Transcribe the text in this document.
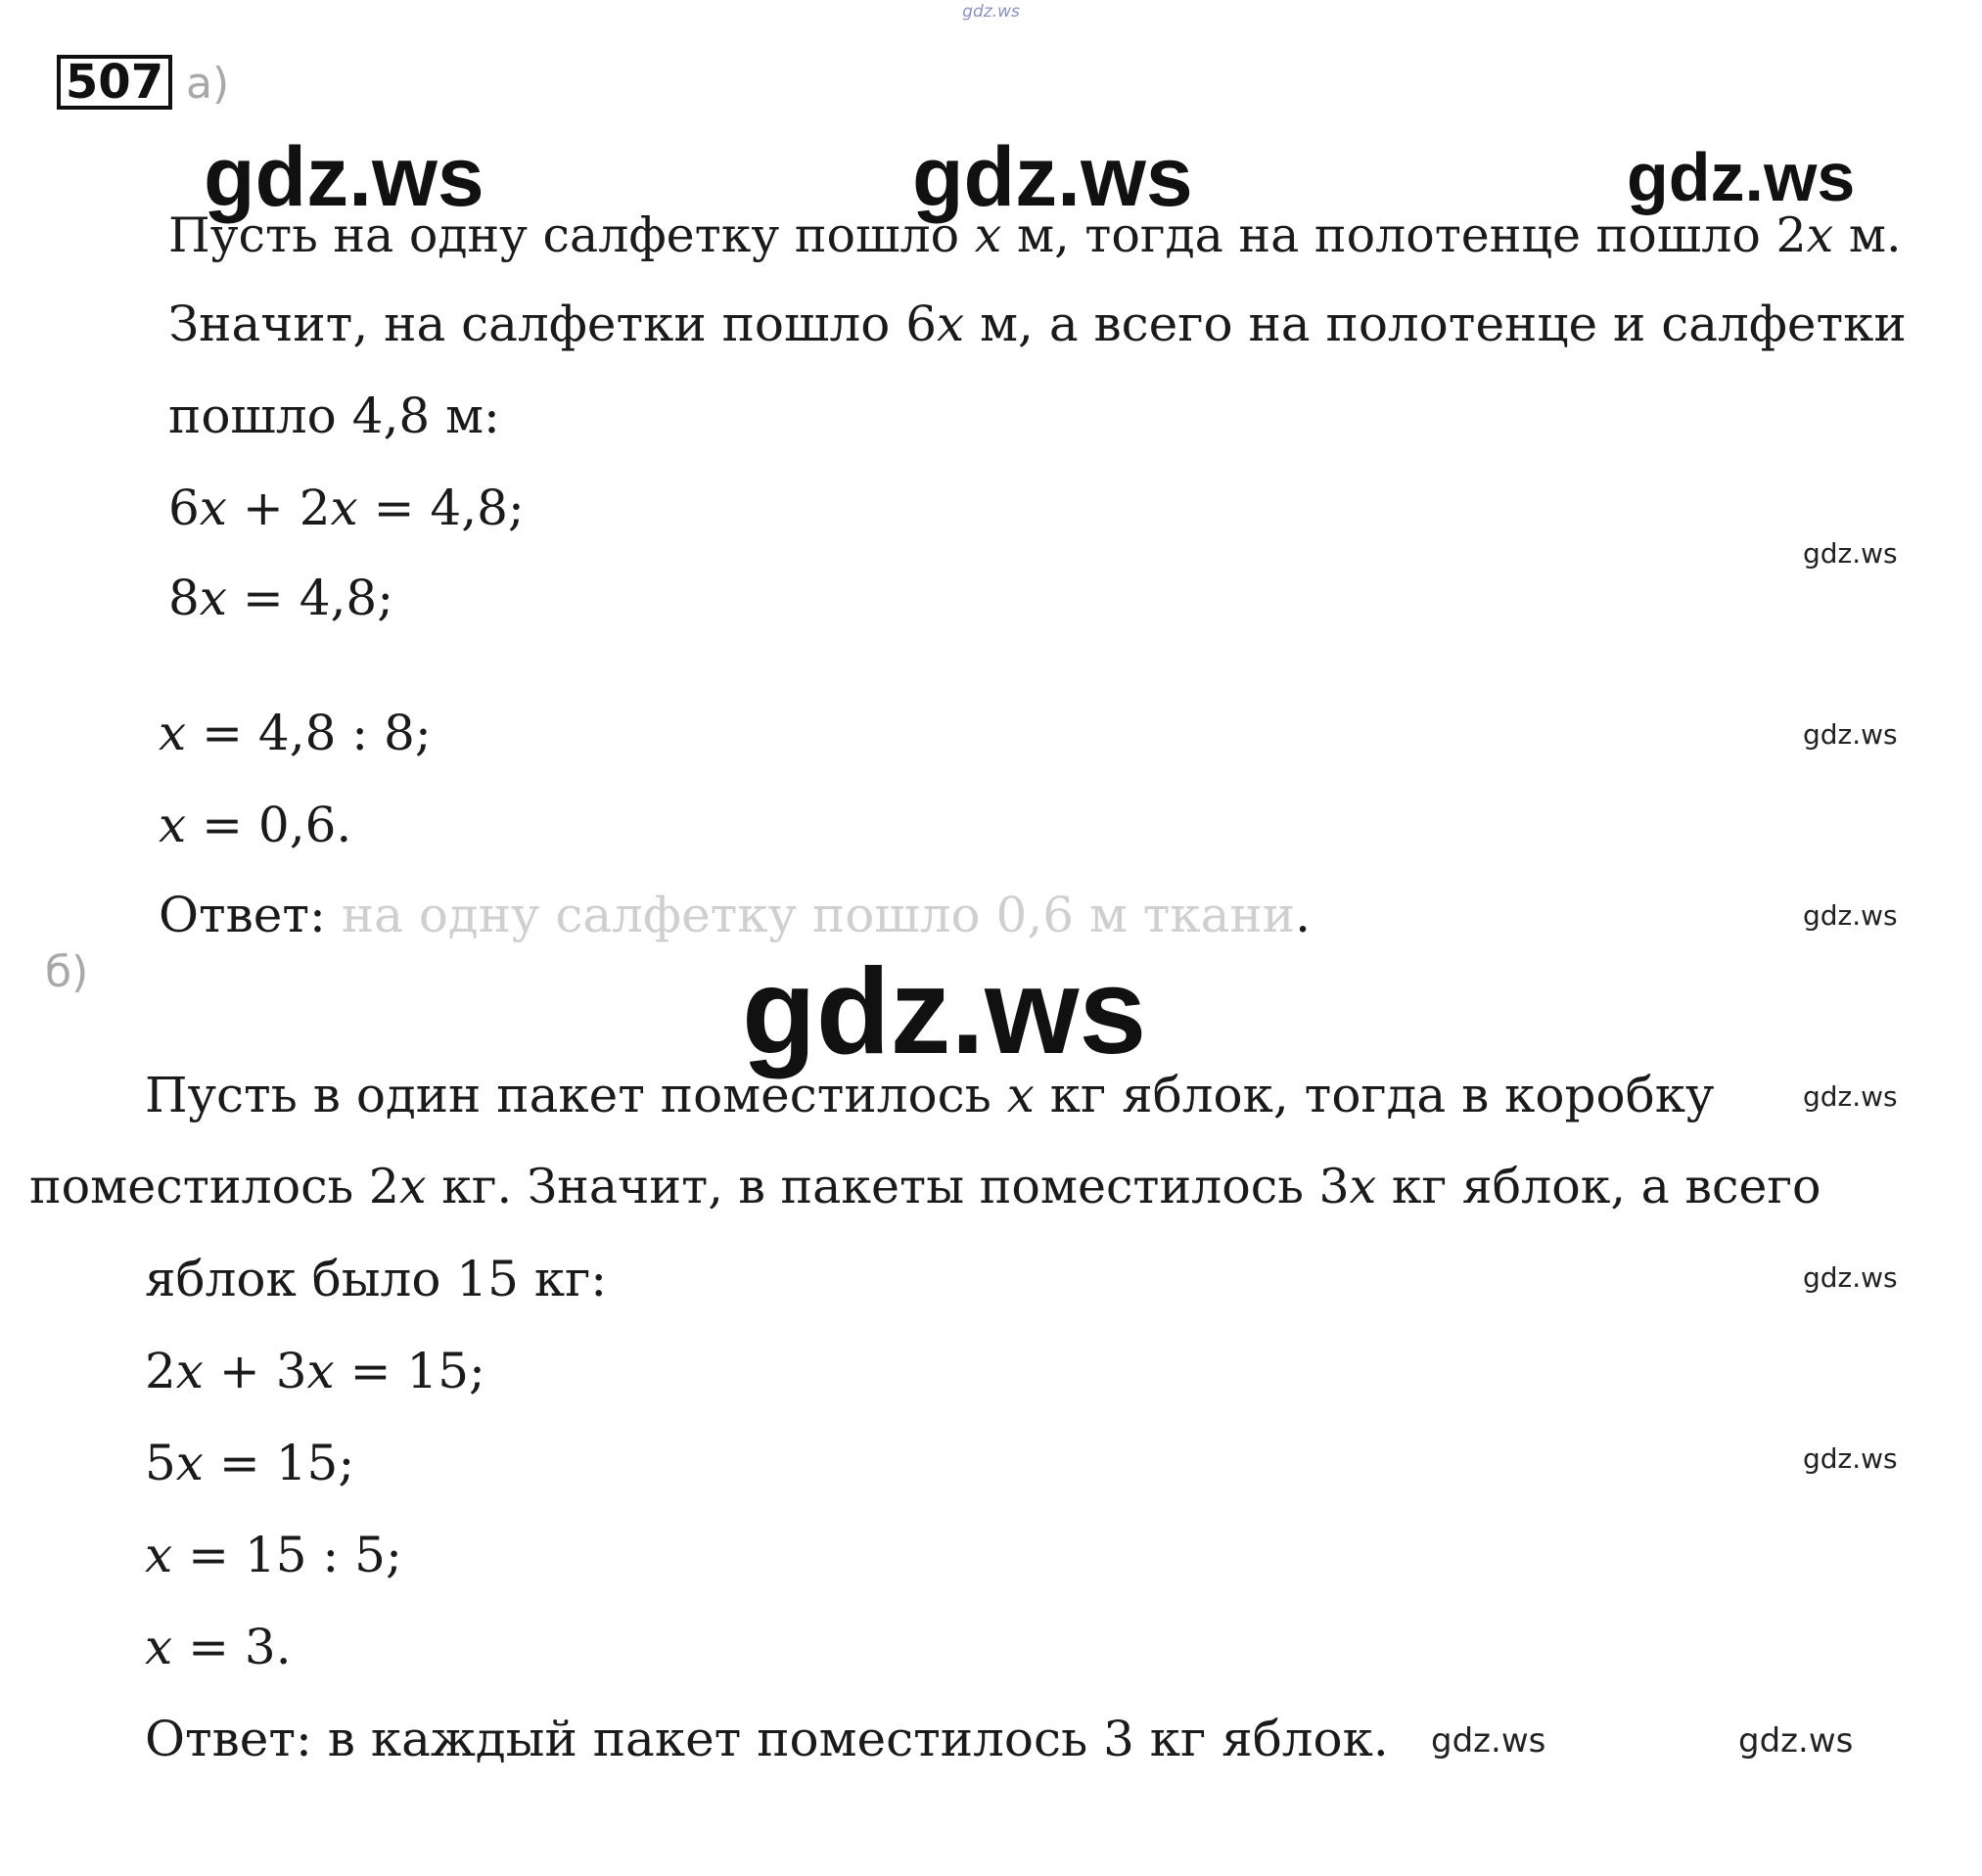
gdz.ws
507 а)
gdz.ws	gdz.ws	gdz.ws
Пусть на одну салфетку пошло 𝑥 м, тогда на полотенце пошло 2𝑥 м.
Значит, на салфетки пошло 6𝑥 м, а всего на полотенце и салфетки
пошло 4,8 м:
6𝑥 + 2𝑥 = 4,8;
8𝑥 = 4,8;
𝑥 = 4,8 : 8;
𝑥 = 0,6.
Ответ: на одну салфетку пошло 0,6 м ткани.
gdz.ws
gdz.ws
gdz.ws
gdz.ws
gdz.ws
gdz.ws
б)	gdz.ws
Пусть в один пакет поместилось 𝑥 кг яблок, тогда в коробку
поместилось 2𝑥 кг. Значит, в пакеты поместилось 3𝑥 кг яблок, а всего
яблок было 15 кг:
2𝑥 + 3𝑥 = 15;
5𝑥 = 15;
𝑥 = 15 : 5;
𝑥 = 3.
Ответ: в каждый пакет поместилось 3 кг яблок. gdz.ws	gdz.ws
